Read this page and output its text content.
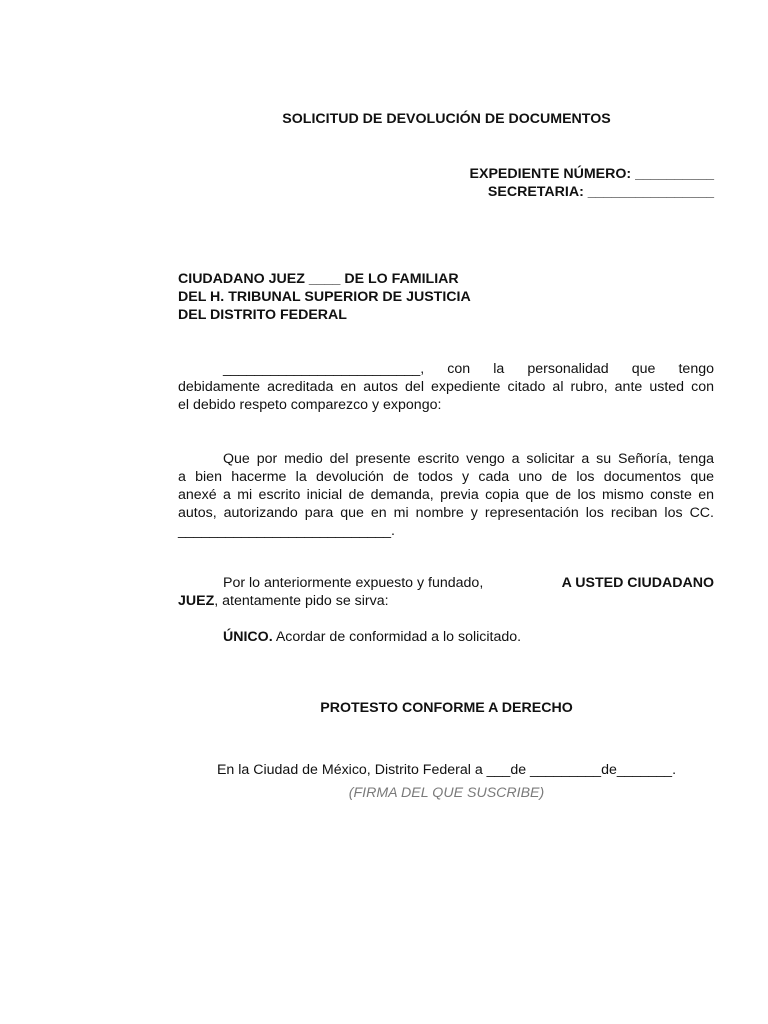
SOLICITUD DE DEVOLUCIÓN DE DOCUMENTOS
EXPEDIENTE NÚMERO: __________
SECRETARIA: ________________
CIUDADANO JUEZ ____ DE LO FAMILIAR
DEL H. TRIBUNAL SUPERIOR DE JUSTICIA
DEL DISTRITO FEDERAL
_________________________, con la personalidad que tengo
debidamente acreditada en autos del expediente citado al rubro, ante usted con
el debido respeto comparezco y expongo:
Que por medio del presente escrito vengo a solicitar a su Señoría, tenga
a bien hacerme la devolución de todos y cada uno de los documentos que
anexé a mi escrito inicial de demanda, previa copia que de los mismo conste en
autos, autorizando para que en mi nombre y representación los reciban los CC.
___________________________.
Por lo anteriormente expuesto y fundado,	A USTED CIUDADANO
JUEZ, atentamente pido se sirva:
ÚNICO. Acordar de conformidad a lo solicitado.
PROTESTO CONFORME A DERECHO
En la Ciudad de México, Distrito Federal a ___de _________de_______.
(FIRMA DEL QUE SUSCRIBE)
